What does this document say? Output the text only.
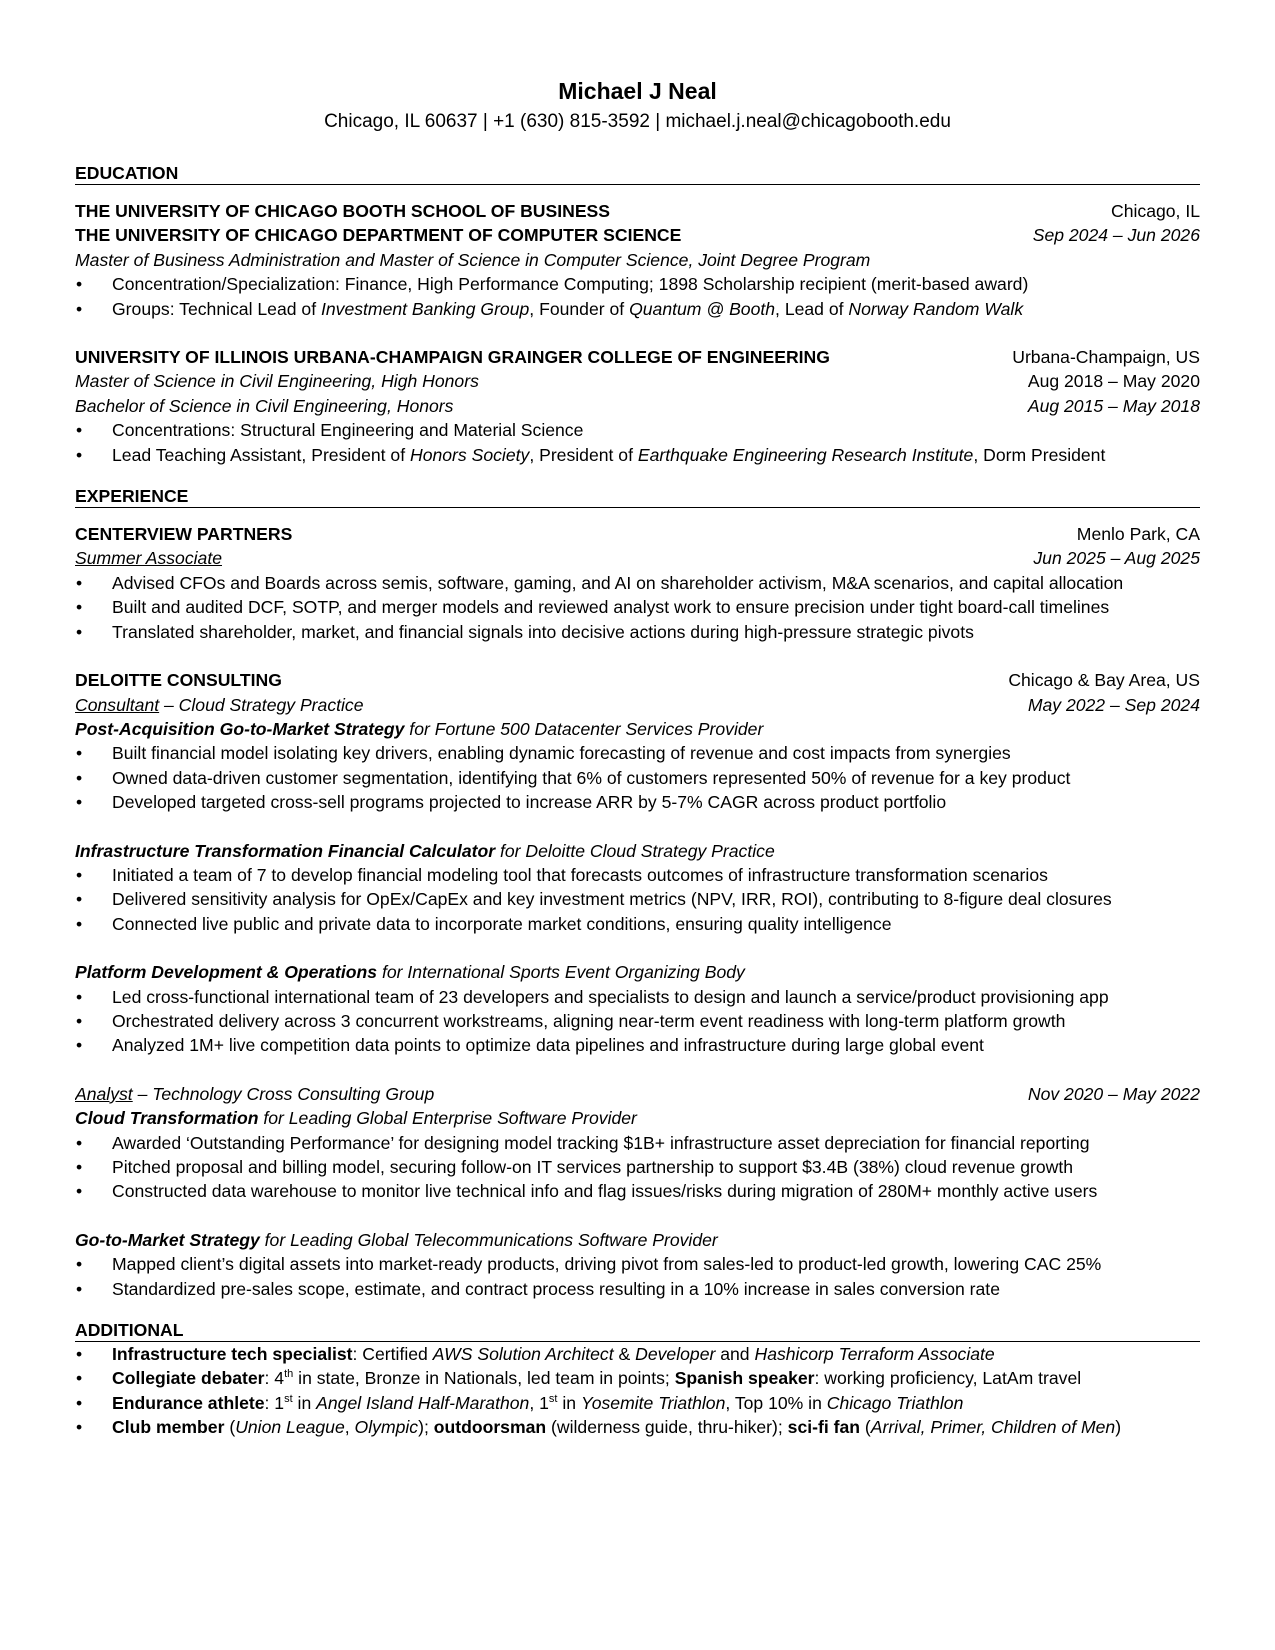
Michael J Neal
Chicago, IL 60637 | +1 (630) 815-3592 | michael.j.neal@chicagobooth.edu
EDUCATION
THE UNIVERSITY OF CHICAGO BOOTH SCHOOL OF BUSINESS	Chicago, IL
THE UNIVERSITY OF CHICAGO DEPARTMENT OF COMPUTER SCIENCE	Sep 2024 – Jun 2026
Master of Business Administration and Master of Science in Computer Science, Joint Degree Program
• Concentration/Specialization: Finance, High Performance Computing; 1898 Scholarship recipient (merit-based award)
• Groups: Technical Lead of Investment Banking Group, Founder of Quantum @ Booth, Lead of Norway Random Walk
UNIVERSITY OF ILLINOIS URBANA-CHAMPAIGN GRAINGER COLLEGE OF ENGINEERING	Urbana-Champaign, US
Master of Science in Civil Engineering, High Honors	Aug 2018 – May 2020
Bachelor of Science in Civil Engineering, Honors	Aug 2015 – May 2018
• Concentrations: Structural Engineering and Material Science
• Lead Teaching Assistant, President of Honors Society, President of Earthquake Engineering Research Institute, Dorm President
EXPERIENCE
CENTERVIEW PARTNERS	Menlo Park, CA
Summer Associate	Jun 2025 – Aug 2025
• Advised CFOs and Boards across semis, software, gaming, and AI on shareholder activism, M&A scenarios, and capital allocation
• Built and audited DCF, SOTP, and merger models and reviewed analyst work to ensure precision under tight board-call timelines
• Translated shareholder, market, and financial signals into decisive actions during high-pressure strategic pivots
DELOITTE CONSULTING	Chicago & Bay Area, US
Consultant – Cloud Strategy Practice	May 2022 – Sep 2024
Post-Acquisition Go-to-Market Strategy for Fortune 500 Datacenter Services Provider
• Built financial model isolating key drivers, enabling dynamic forecasting of revenue and cost impacts from synergies
• Owned data-driven customer segmentation, identifying that 6% of customers represented 50% of revenue for a key product
• Developed targeted cross-sell programs projected to increase ARR by 5-7% CAGR across product portfolio
Infrastructure Transformation Financial Calculator for Deloitte Cloud Strategy Practice
• Initiated a team of 7 to develop financial modeling tool that forecasts outcomes of infrastructure transformation scenarios
• Delivered sensitivity analysis for OpEx/CapEx and key investment metrics (NPV, IRR, ROI), contributing to 8-figure deal closures
• Connected live public and private data to incorporate market conditions, ensuring quality intelligence
Platform Development & Operations for International Sports Event Organizing Body
• Led cross-functional international team of 23 developers and specialists to design and launch a service/product provisioning app
• Orchestrated delivery across 3 concurrent workstreams, aligning near-term event readiness with long-term platform growth
• Analyzed 1M+ live competition data points to optimize data pipelines and infrastructure during large global event
Analyst – Technology Cross Consulting Group	Nov 2020 – May 2022
Cloud Transformation for Leading Global Enterprise Software Provider
• Awarded ‘Outstanding Performance’ for designing model tracking $1B+ infrastructure asset depreciation for financial reporting
• Pitched proposal and billing model, securing follow-on IT services partnership to support $3.4B (38%) cloud revenue growth
• Constructed data warehouse to monitor live technical info and flag issues/risks during migration of 280M+ monthly active users
Go-to-Market Strategy for Leading Global Telecommunications Software Provider
• Mapped client’s digital assets into market-ready products, driving pivot from sales-led to product-led growth, lowering CAC 25%
• Standardized pre-sales scope, estimate, and contract process resulting in a 10% increase in sales conversion rate
ADDITIONAL
• Infrastructure tech specialist: Certified AWS Solution Architect & Developer and Hashicorp Terraform Associate
• Collegiate debater: 4th in state, Bronze in Nationals, led team in points; Spanish speaker: working proficiency, LatAm travel
• Endurance athlete: 1st in Angel Island Half-Marathon, 1st in Yosemite Triathlon, Top 10% in Chicago Triathlon
• Club member (Union League, Olympic); outdoorsman (wilderness guide, thru-hiker); sci-fi fan (Arrival, Primer, Children of Men)
